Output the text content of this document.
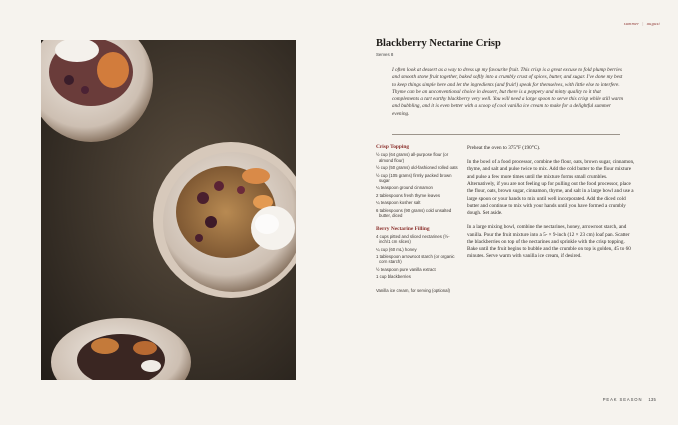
summer | august
Blackberry Nectarine Crisp
Serves 8
I often look at dessert as a way to dress up my favourite fruit. This crisp is a great excuse to fold plump berries and smooth stone fruit together, baked softly into a crumbly crust of spices, butter, and sugar. I've done my best to keep things simple here and let the ingredients (and fruit!) speak for themselves, with little else to interfere. Thyme can be an unconventional choice in dessert, but there is a peppery and minty quality to it that complements a tart earthy blackberry very well. You will need a large spoon to serve this crisp while still warm and bubbling, and it is even better with a scoop of cool vanilla ice cream to make for a delightful summer evening.
Crisp Topping
½ cup (64 grams) all-purpose flour (or almond flour)
½ cup (50 grams) old-fashioned rolled oats
½ cup (105 grams) firmly packed brown sugar
¼ teaspoon ground cinnamon
2 tablespoons fresh thyme leaves
¼ teaspoon kosher salt
6 tablespoons (90 grams) cold unsalted butter, diced
Berry Nectarine Filling
4 cups pitted and sliced nectarines (½-inch/1 cm slices)
¼ cup (60 mL) honey
1 tablespoon arrowroot starch (or organic corn starch)
½ teaspoon pure vanilla extract
1 cup blackberries
Vanilla ice cream, for serving (optional)

Preheat the oven to 375°F (190°C).

In the bowl of a food processor, combine the flour, oats, brown sugar, cinnamon, thyme, and salt and pulse twice to mix. Add the cold butter to the flour mixture and pulse a few more times until the mixture forms small crumbles. Alternatively, if you are not feeling up for pulling out the food processor, place the flour, oats, brown sugar, cinnamon, thyme, and salt in a large bowl and use a large spoon or your hands to mix until well incorporated. Add the diced cold butter and continue to mix with your hands until you have formed a crumbly dough. Set aside.

In a large mixing bowl, combine the nectarines, honey, arrowroot starch, and vanilla. Pour the fruit mixture into a 5- × 9-inch (12 × 23 cm) loaf pan. Scatter the blackberries on top of the nectarines and sprinkle with the crisp topping. Bake until the fruit begins to bubble and the crumble on top is golden, 45 to 60 minutes. Serve warm with vanilla ice cream, if desired.

PEAK SEASON 135
